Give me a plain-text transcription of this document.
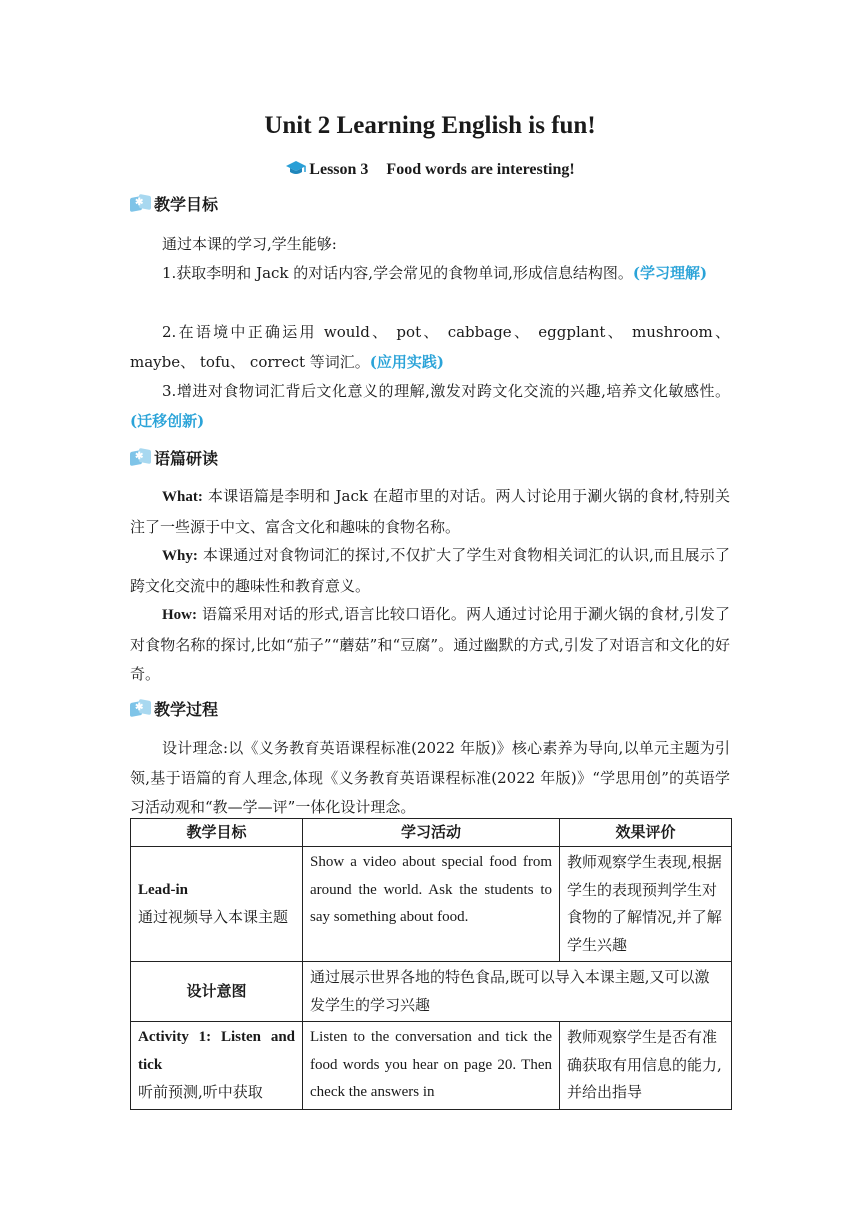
Unit 2 Learning English is fun!
Lesson 3 Food words are interesting!
✱ 教学目标
通过本课的学习,学生能够:
1.获取李明和 Jack 的对话内容,学会常见的食物单词,形成信息结构图。(学习理解)
2.在语境中正确运用 would、 pot、 cabbage、 eggplant、 mushroom、 maybe、 tofu、 correct 等词汇。(应用实践)
3.增进对食物词汇背后文化意义的理解,激发对跨文化交流的兴趣,培养文化敏感性。(迁移创新)
✱ 语篇研读
What: 本课语篇是李明和 Jack 在超市里的对话。两人讨论用于涮火锅的食材,特别关注了一些源于中文、富含文化和趣味的食物名称。
Why: 本课通过对食物词汇的探讨,不仅扩大了学生对食物相关词汇的认识,而且展示了跨文化交流中的趣味性和教育意义。
How: 语篇采用对话的形式,语言比较口语化。两人通过讨论用于涮火锅的食材,引发了对食物名称的探讨,比如“茄子”“蘑菇”和“豆腐”。通过幽默的方式,引发了对语言和文化的好奇。
✱ 教学过程
设计理念:以《义务教育英语课程标准(2022 年版)》核心素养为导向,以单元主题为引领,基于语篇的育人理念,体现《义务教育英语课程标准(2022 年版)》“学思用创”的英语学习活动观和“教—学—评”一体化设计理念。
教学目标	学习活动	效果评价

Lead-in
通过视频导入本课主题	Show a video about special food from around the world. Ask the students to say something about food.	教师观察学生表现,根据学生的表现预判学生对食物的了解情况,并了解学生兴趣
设计意图	通过展示世界各地的特色食品,既可以导入本课主题,又可以激发学生的学习兴趣	

Activity 1: Listen and tick
听前预测,听中获取	Listen to the conversation and tick the food words you hear on page 20. Then check the answers in	教师观察学生是否有准确获取有用信息的能力,并给出指导
